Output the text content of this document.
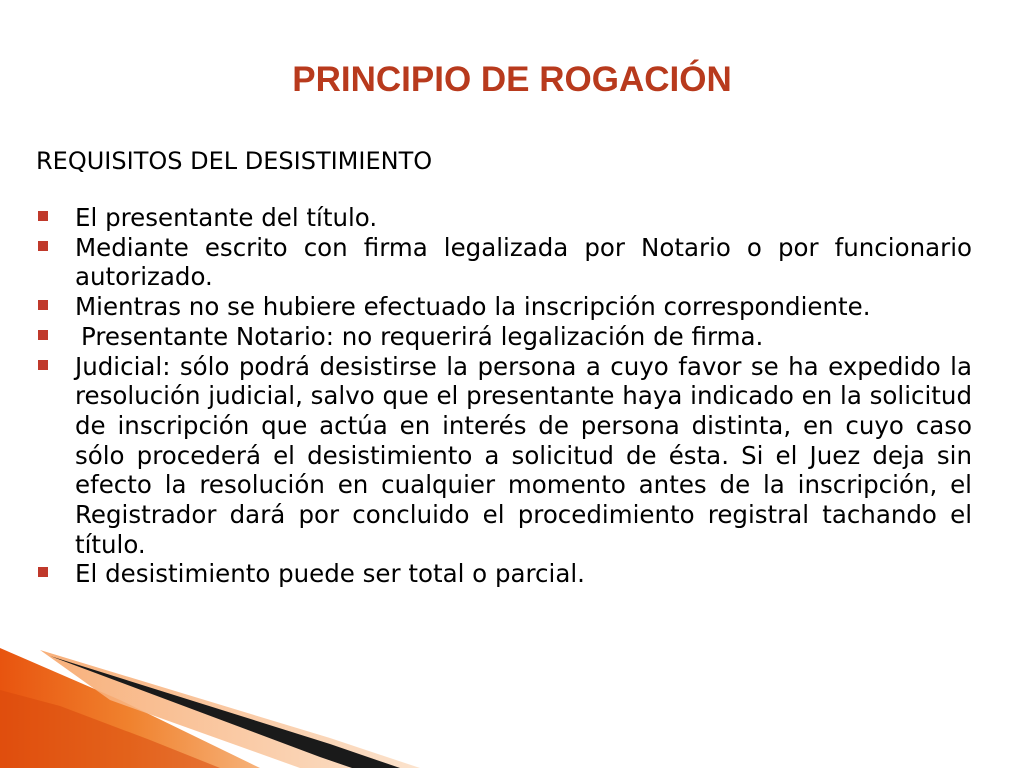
PRINCIPIO DE ROGACIÓN
REQUISITOS DEL DESISTIMIENTO
El presentante del título.
Mediante escrito con firma legalizada por Notario o por funcionario autorizado.
Mientras no se hubiere efectuado la inscripción correspondiente.
Presentante Notario: no requerirá legalización de firma.
Judicial: sólo podrá desistirse la persona a cuyo favor se ha expedido la resolución judicial, salvo que el presentante haya indicado en la solicitud de inscripción que actúa en interés de persona distinta, en cuyo caso sólo procederá el desistimiento a solicitud de ésta. Si el Juez deja sin efecto la resolución en cualquier momento antes de la inscripción, el Registrador dará por concluido el procedimiento registral tachando el título.
El desistimiento puede ser total o parcial.
